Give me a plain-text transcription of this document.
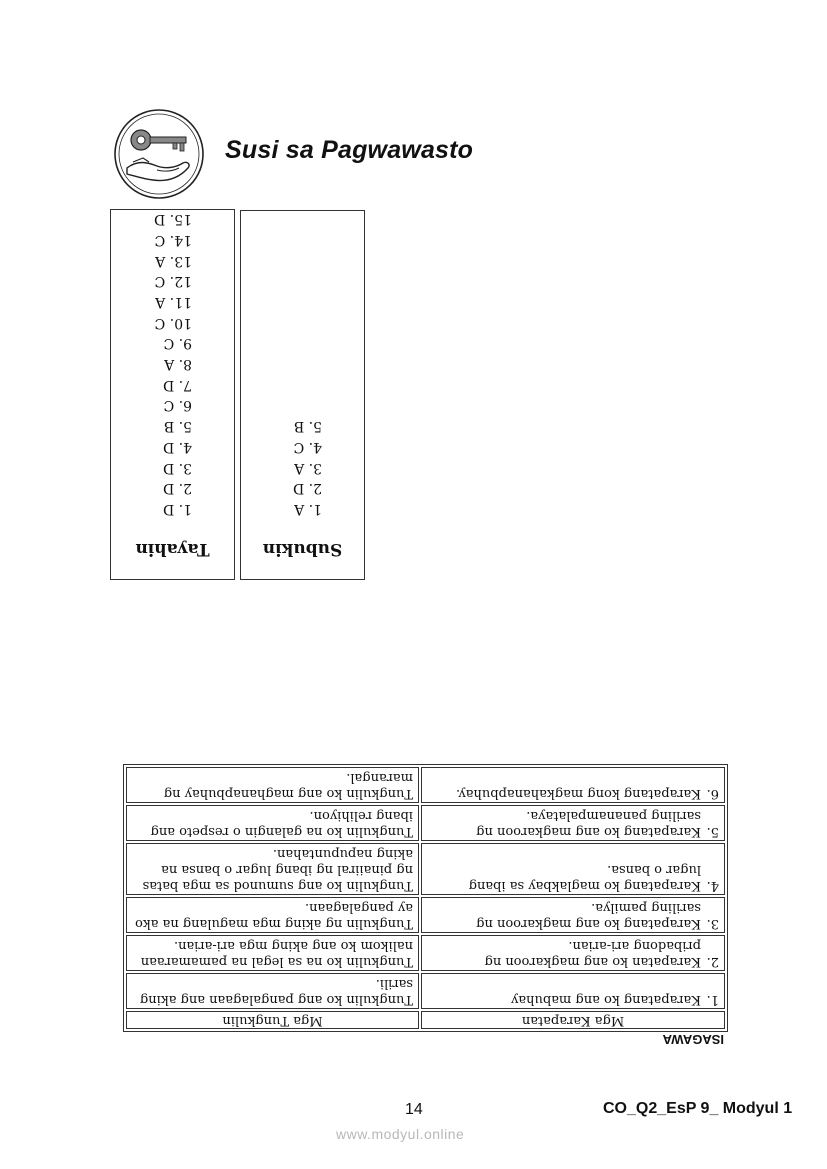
Susi sa Pagwawasto
Tayahin
1. D
2. D
3. D
4. D
5. B
6. C
7. D
8. A
9. C
10. C
11. A
12. C
13. A
14. C
15. D
Subukin
1. A
2. D
3. A
4. C
5. B
ISAGAWA
Mga Karapatan	Mga Tungkulin
1.Karapatang ko ang mabuhay	Tungkulin ko ang pangalagaan ang aking sarili.
2.Karapatan ko ang magkaroon ng pribadong ari-arian.	Tungkulin ko na sa legal na pamamaraan nalikom ko ang aking mga ari-arian.
3.Karapatang ko ang magkaroon ng sariling pamilya.	Tungkulin ng aking mga magulang na ako ay pangalagaan.
4.Karapatang ko maglakbay sa ibang lugar o bansa.	Tungkulin ko ang sumunod sa mga batas ng pinaiiral ng ibang lugar o bansa na aking napupuntahan.
5.Karapatang ko ang magkaroon ng sariling pananampalataya.	Tungkulin ko na galangin o respeto ang ibang relihiyon.
6.Karapatang kong magkahanapbuhay.	Tungkulin ko ang maghanapbuhay ng marangal.
14	CO_Q2_EsP 9_ Modyul 1
www.modyul.online
